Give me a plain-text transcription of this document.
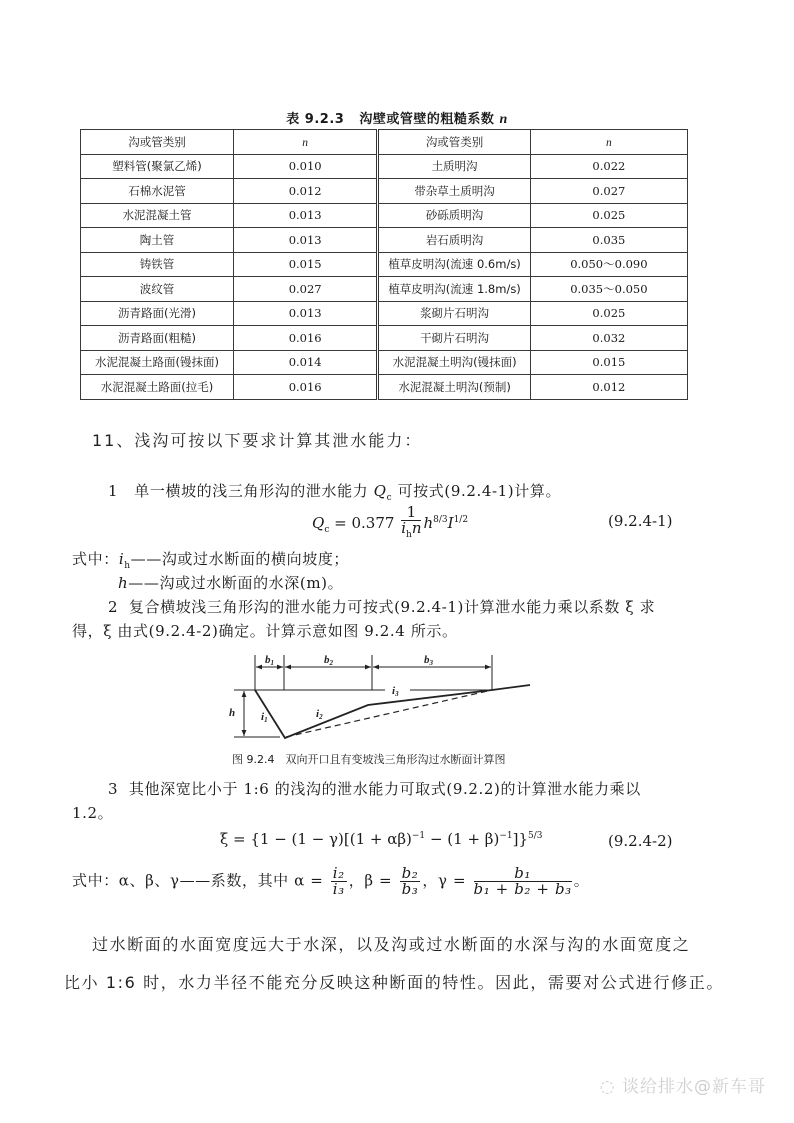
表 9.2.3 沟壁或管壁的粗糙系数 n
沟或管类别	n	沟或管类别	n
塑料管(聚氯乙烯)	0.010	土质明沟	0.022
石棉水泥管	0.012	带杂草土质明沟	0.027
水泥混凝土管	0.013	砂砾质明沟	0.025
陶土管	0.013	岩石质明沟	0.035
铸铁管	0.015	植草皮明沟(流速 0.6m/s)	0.050～0.090
波纹管	0.027	植草皮明沟(流速 1.8m/s)	0.035～0.050
沥青路面(光滑)	0.013	浆砌片石明沟	0.025
沥青路面(粗糙)	0.016	干砌片石明沟	0.032
水泥混凝土路面(镘抹面)	0.014	水泥混凝土明沟(镘抹面)	0.015
水泥混凝土路面(拉毛)	0.016	水泥混凝土明沟(预制)	0.012
11、浅沟可按以下要求计算其泄水能力：
1 单一横坡的浅三角形沟的泄水能力 $Q_c$ 可按式(9.2.4-1)计算。
$Q_c = 0.377 \frac{1}{i_hn} h^{8/3}I^{1/2}$	(9.2.4-1)
式中：$i_h——$沟或过水断面的横向坡度；
h——沟或过水断面的水深(m)。
2 复合横坡浅三角形沟的泄水能力可按式(9.2.4-1)计算泄水能力乘以系数 ξ 求
得，ξ 由式(9.2.4-2)确定。计算示意如图 9.2.4 所示。
b1	b2	b3
h i1	i2
i3
图 9.2.4　双向开口且有变坡浅三角形沟过水断面计算图
3 其他深宽比小于 1:6 的浅沟的泄水能力可取式(9.2.2)的计算泄水能力乘以
1.2。
$\xi = \{1 - (1 - \gamma)[(1 + \alpha\beta)^{-1} - (1 + \beta)^{-1}]\}^{5/3}$	(9.2.4-2)
式中：α、β、γ——系数，其中 $\alpha = \frac{\text{i₂}}{\text{i₃}}$ ，$\beta = \frac{\text{b₂}}{\text{b₃}}$ ，$\gamma = \frac{\text{b₁}}{\text{b₁ + b₂ + b₃}}$ 。
过水断面的水面宽度远大于水深，以及沟或过水断面的水深与沟的水面宽度之
比小 1:6 时，水力半径不能充分反映这种断面的特性。因此，需要对公式进行修正。
◌ 谈给排水@新车哥
